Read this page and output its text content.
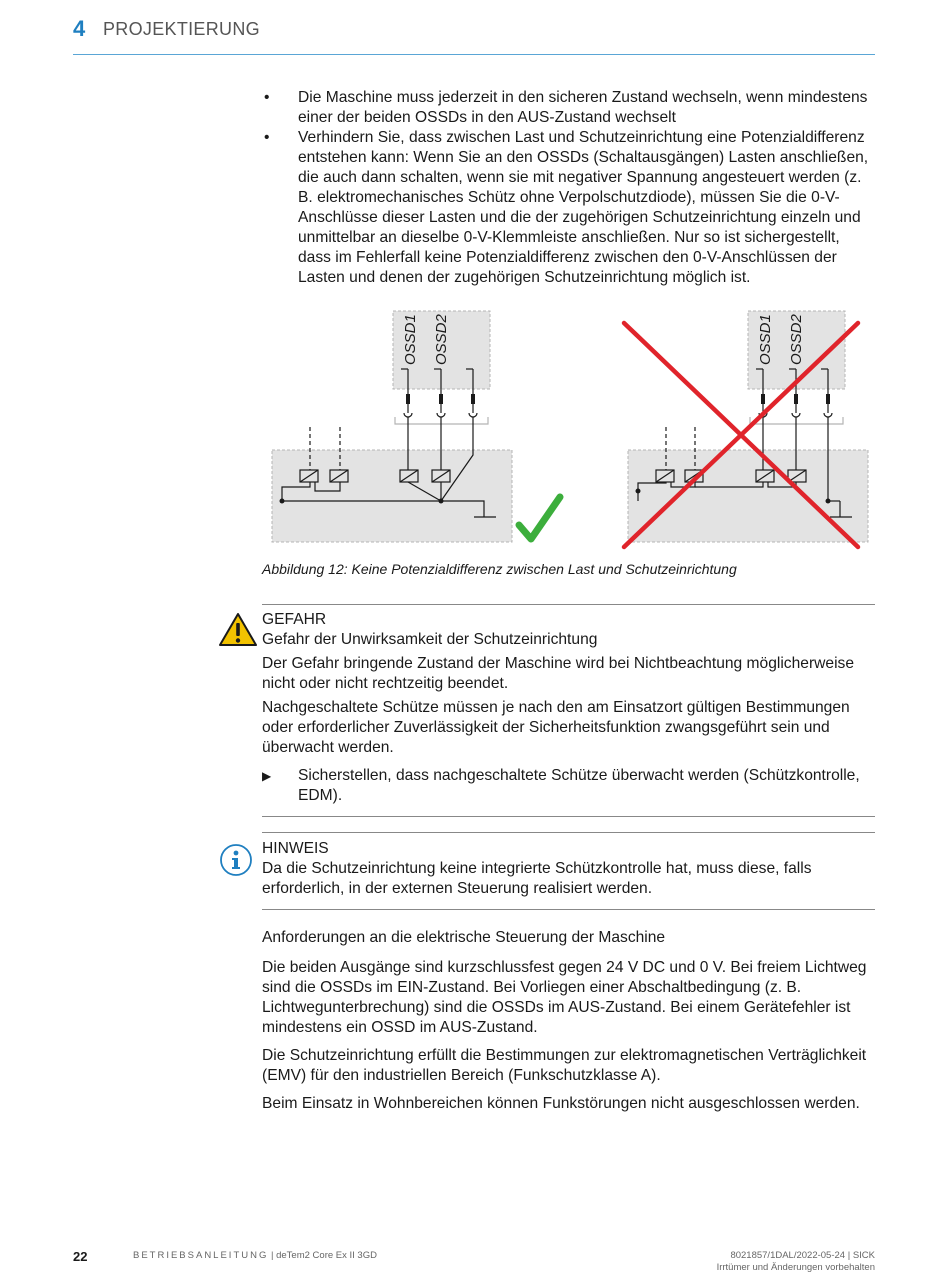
4 PROJEKTIERUNG
• Die Maschine muss jederzeit in den sicheren Zustand wechseln, wenn mindestens einer der beiden OSSDs in den AUS-Zustand wechselt
• Verhindern Sie, dass zwischen Last und Schutzeinrichtung eine Potenzialdifferenz entstehen kann: Wenn Sie an den OSSDs (Schaltausgängen) Lasten anschließen, die auch dann schalten, wenn sie mit negativer Spannung angesteuert werden (z. B. elektromechanisches Schütz ohne Verpolschutzdiode), müssen Sie die 0-V-Anschlüsse dieser Lasten und die der zugehörigen Schutzeinrichtung einzeln und unmittelbar an dieselbe 0-V-Klemmleiste anschließen. Nur so ist sichergestellt, dass im Fehlerfall keine Potenzialdifferenz zwischen den 0-V-Anschlüssen der Lasten und denen der zugehörigen Schutzeinrichtung möglich ist.
OSSD1 OSSD2	OSSD1 OSSD2
Abbildung 12: Keine Potenzialdifferenz zwischen Last und Schutzeinrichtung
GEFAHR
Gefahr der Unwirksamkeit der Schutzeinrichtung
Der Gefahr bringende Zustand der Maschine wird bei Nichtbeachtung möglicherweise nicht oder nicht rechtzeitig beendet.
Nachgeschaltete Schütze müssen je nach den am Einsatzort gültigen Bestimmungen oder erforderlicher Zuverlässigkeit der Sicherheitsfunktion zwangsgeführt sein und überwacht werden.
▶ Sicherstellen, dass nachgeschaltete Schütze überwacht werden (Schützkontrolle, EDM).
HINWEIS
Da die Schutzeinrichtung keine integrierte Schützkontrolle hat, muss diese, falls erforderlich, in der externen Steuerung realisiert werden.

Anforderungen an die elektrische Steuerung der Maschine

Die beiden Ausgänge sind kurzschlussfest gegen 24 V DC und 0 V. Bei freiem Lichtweg sind die OSSDs im EIN-Zustand. Bei Vorliegen einer Abschaltbedingung (z. B. Lichtwegunterbrechung) sind die OSSDs im AUS-Zustand. Bei einem Gerätefehler ist mindestens ein OSSD im AUS-Zustand.

Die Schutzeinrichtung erfüllt die Bestimmungen zur elektromagnetischen Verträglichkeit (EMV) für den industriellen Bereich (Funkschutzklasse A).

Beim Einsatz in Wohnbereichen können Funkstörungen nicht ausgeschlossen werden.

22	BETRIEBSANLEITUNG | deTem2 Core Ex II 3GD	8021857/1DAL/2022-05-24 | SICK
Irrtümer und Änderungen vorbehalten
